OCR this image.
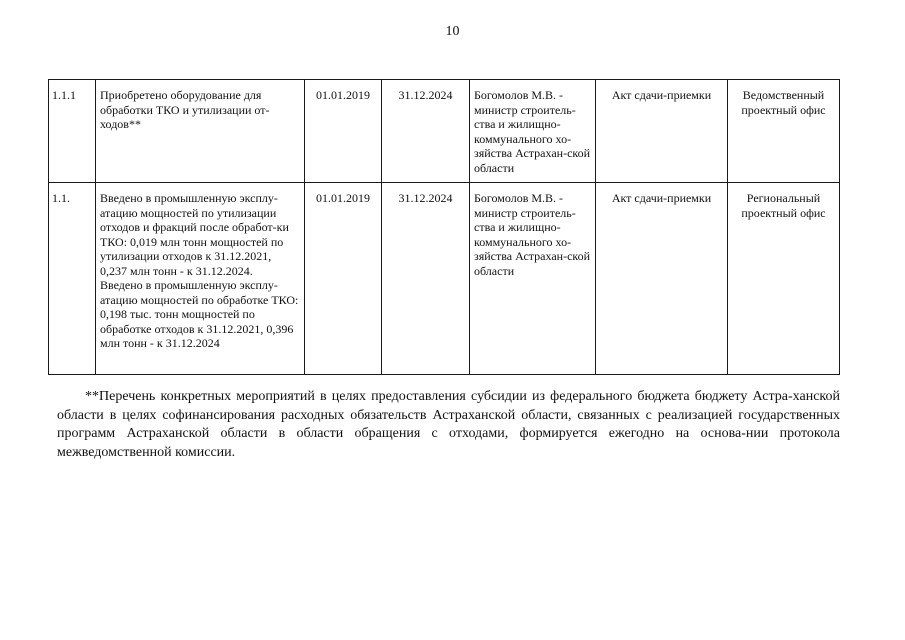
10
1.1.1	Приобретено оборудование для обработки ТКО и утилизации от-ходов**	01.01.2019	31.12.2024	Богомолов М.В. - министр строитель-ства и жилищно-коммунального хо-зяйства Астрахан-ской области	Акт сдачи-приемки	Ведомственный проектный офис
1.1.	Введено в промышленную эксплу-атацию мощностей по утилизации отходов и фракций после обработ-ки ТКО: 0,019 млн тонн мощностей по утилизации отходов к 31.12.2021, 0,237 млн тонн - к 31.12.2024.
Введено в промышленную эксплу-атацию мощностей по обработке ТКО: 0,198 тыс. тонн мощностей по обработке отходов к 31.12.2021, 0,396 млн тонн - к 31.12.2024	01.01.2019	31.12.2024	Богомолов М.В. - министр строитель-ства и жилищно-коммунального хо-зяйства Астрахан-ской области	Акт сдачи-приемки	Региональный проектный офис
**Перечень конкретных мероприятий в целях предоставления субсидии из федерального бюджета бюджету Астра-ханской области в целях софинансирования расходных обязательств Астраханской области, связанных с реализацией государственных программ Астраханской области в области обращения с отходами, формируется ежегодно на основа-нии протокола межведомственной комиссии.
